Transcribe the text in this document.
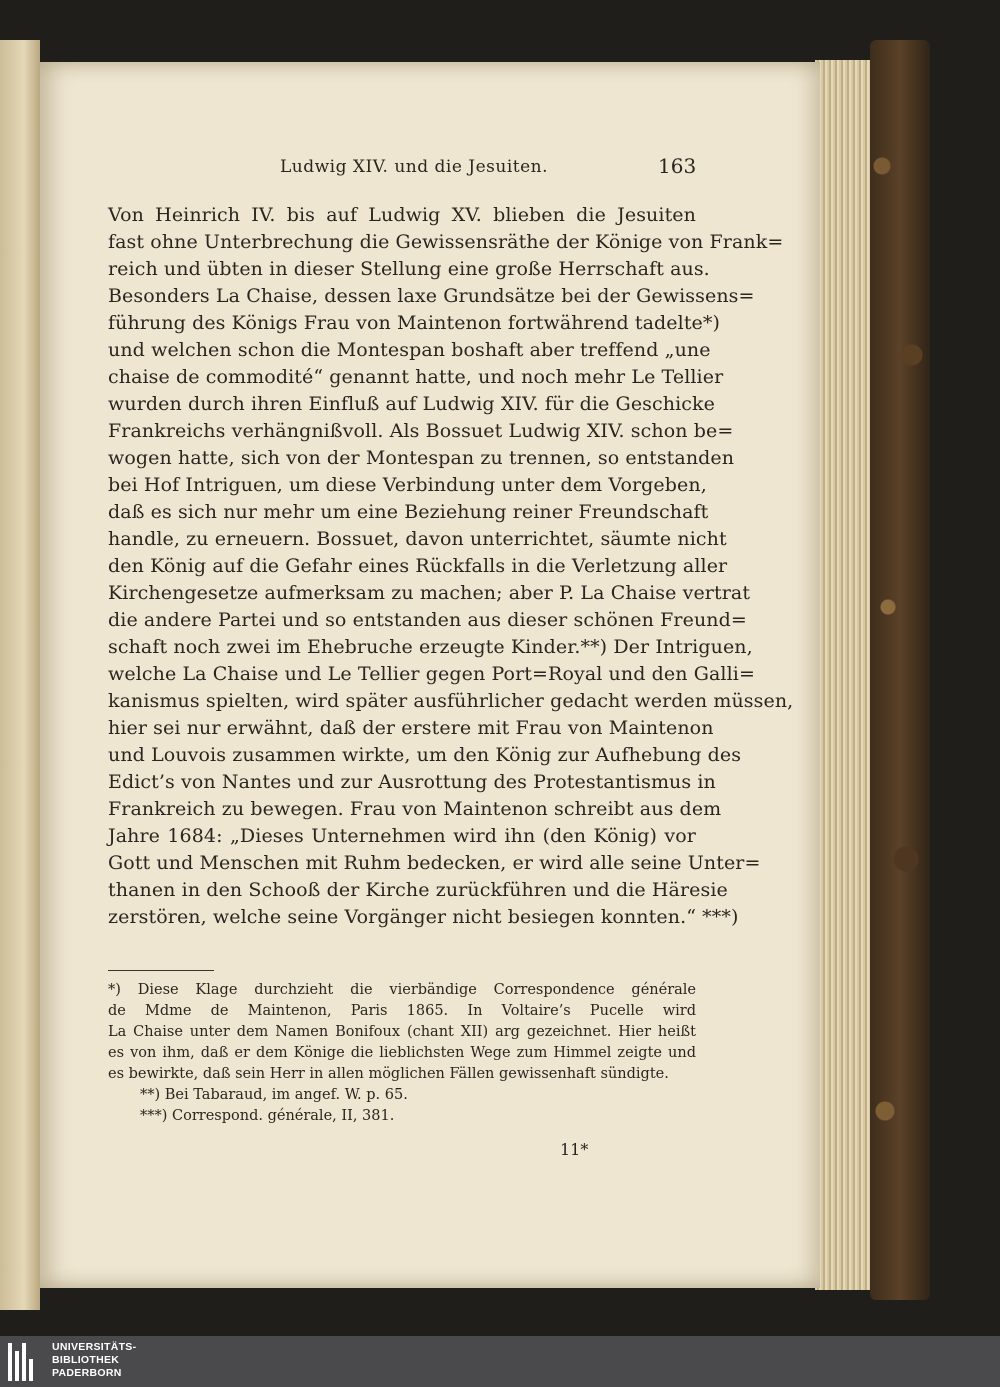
Ludwig XIV. und die Jesuiten.	163
Von Heinrich IV. bis auf Ludwig XV. blieben die Jesuiten
fast ohne Unterbrechung die Gewissensräthe der Könige von Frank=
reich und übten in dieser Stellung eine große Herrschaft aus.
Besonders La Chaise, dessen laxe Grundsätze bei der Gewissens=
führung des Königs Frau von Maintenon fortwährend tadelte*)
und welchen schon die Montespan boshaft aber treffend „une
chaise de commodité“ genannt hatte, und noch mehr Le Tellier
wurden durch ihren Einfluß auf Ludwig XIV. für die Geschicke
Frankreichs verhängnißvoll. Als Bossuet Ludwig XIV. schon be=
wogen hatte, sich von der Montespan zu trennen, so entstanden
bei Hof Intriguen, um diese Verbindung unter dem Vorgeben,
daß es sich nur mehr um eine Beziehung reiner Freundschaft
handle, zu erneuern. Bossuet, davon unterrichtet, säumte nicht
den König auf die Gefahr eines Rückfalls in die Verletzung aller
Kirchengesetze aufmerksam zu machen; aber P. La Chaise vertrat
die andere Partei und so entstanden aus dieser schönen Freund=
schaft noch zwei im Ehebruche erzeugte Kinder.**) Der Intriguen,
welche La Chaise und Le Tellier gegen Port=Royal und den Galli=
kanismus spielten, wird später ausführlicher gedacht werden müssen,
hier sei nur erwähnt, daß der erstere mit Frau von Maintenon
und Louvois zusammen wirkte, um den König zur Aufhebung des
Edict’s von Nantes und zur Ausrottung des Protestantismus in
Frankreich zu bewegen. Frau von Maintenon schreibt aus dem
Jahre 1684: „Dieses Unternehmen wird ihn (den König) vor
Gott und Menschen mit Ruhm bedecken, er wird alle seine Unter=
thanen in den Schooß der Kirche zurückführen und die Häresie
zerstören, welche seine Vorgänger nicht besiegen konnten.“ ***)
*) Diese Klage durchzieht die vierbändige Correspondence générale
de Mdme de Maintenon, Paris 1865. In Voltaire’s Pucelle wird
La Chaise unter dem Namen Bonifoux (chant XII) arg gezeichnet. Hier heißt
es von ihm, daß er dem Könige die lieblichsten Wege zum Himmel zeigte und
es bewirkte, daß sein Herr in allen möglichen Fällen gewissenhaft sündigte.
**) Bei Tabaraud, im angef. W. p. 65.
***) Correspond. générale, II, 381.
11*
UNIVERSITÄTS-
BIBLIOTHEK
PADERBORN
